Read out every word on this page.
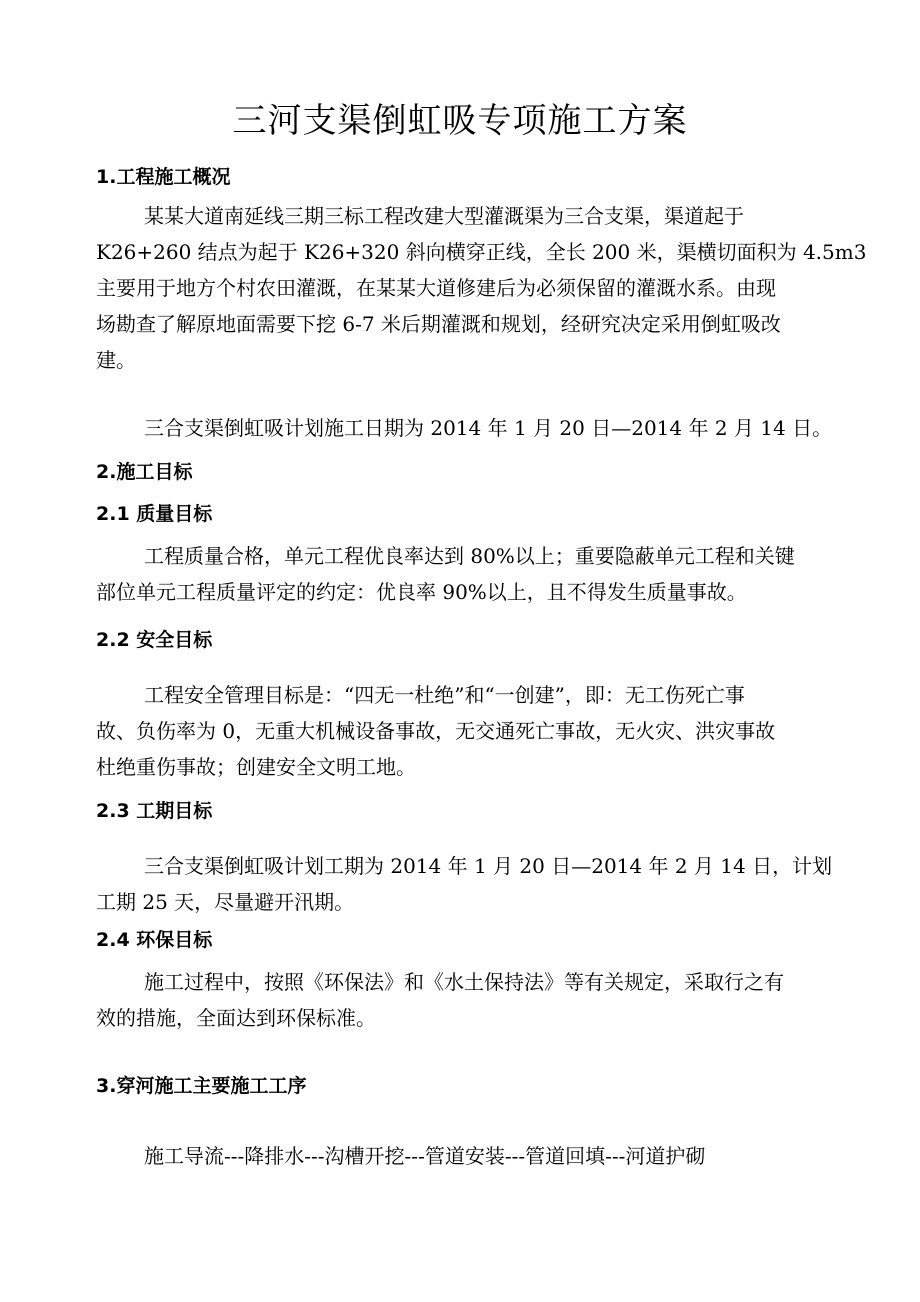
三河支渠倒虹吸专项施工方案
1.工程施工概况
某某大道南延线三期三标工程改建大型灌溉渠为三合支渠，渠道起于
K26+260 结点为起于 K26+320 斜向横穿正线，全长 200 米，渠横切面积为 4.5m3
主要用于地方个村农田灌溉，在某某大道修建后为必须保留的灌溉水系。由现
场勘查了解原地面需要下挖 6-7 米后期灌溉和规划，经研究决定采用倒虹吸改
建。
三合支渠倒虹吸计划施工日期为 2014 年 1 月 20 日—2014 年 2 月 14 日。
2.施工目标
2.1 质量目标
工程质量合格，单元工程优良率达到 80%以上；重要隐蔽单元工程和关键
部位单元工程质量评定的约定：优良率 90%以上，且不得发生质量事故。
2.2 安全目标
工程安全管理目标是：“四无一杜绝”和“一创建”，即：无工伤死亡事
故、负伤率为 0，无重大机械设备事故，无交通死亡事故，无火灾、洪灾事故
杜绝重伤事故；创建安全文明工地。
2.3 工期目标
三合支渠倒虹吸计划工期为 2014 年 1 月 20 日—2014 年 2 月 14 日，计划
工期 25 天，尽量避开汛期。
2.4 环保目标
施工过程中，按照《环保法》和《水土保持法》等有关规定，采取行之有
效的措施，全面达到环保标准。
3.穿河施工主要施工工序
施工导流---降排水---沟槽开挖---管道安装---管道回填---河道护砌
